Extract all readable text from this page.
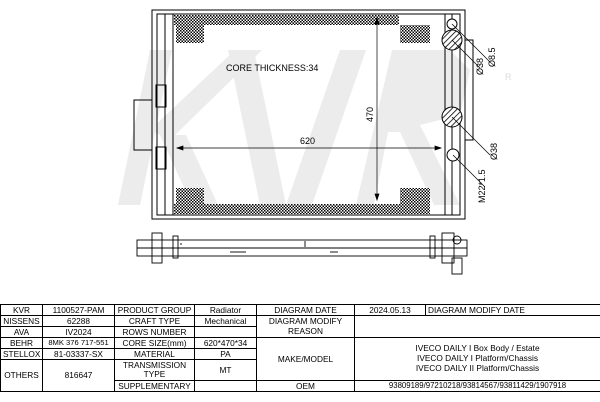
R
CORE THICKNESS:34
620
470
Ø38 Ø8.5
Ø38
M22*1.5
KVR	1100527-PAM	PRODUCT GROUP	Radiator	DIAGRAM DATE	2024.05.13	DIAGRAM MODIFY DATE
NISSENS	62288	CRAFT TYPE	Mechanical	DIAGRAM MODIFY REASON		
AVA	IV2024	ROWS NUMBER				
BEHR	8MK 376 717-551	CORE SIZE(mm)	620*470*34	MAKE/MODEL	IVECO DAILY I Box Body / Estate
IVECO DAILY I Platform/Chassis
IVECO DAILY II Platform/Chassis	

STELLOX	81-03337-SX	MATERIAL	PA			
OTHERS	816647	TRANSMISSION TYPE	MT			
		SUPPLEMENTARY		OEM	93809189/97210218/93814567/93811429/1907918	
